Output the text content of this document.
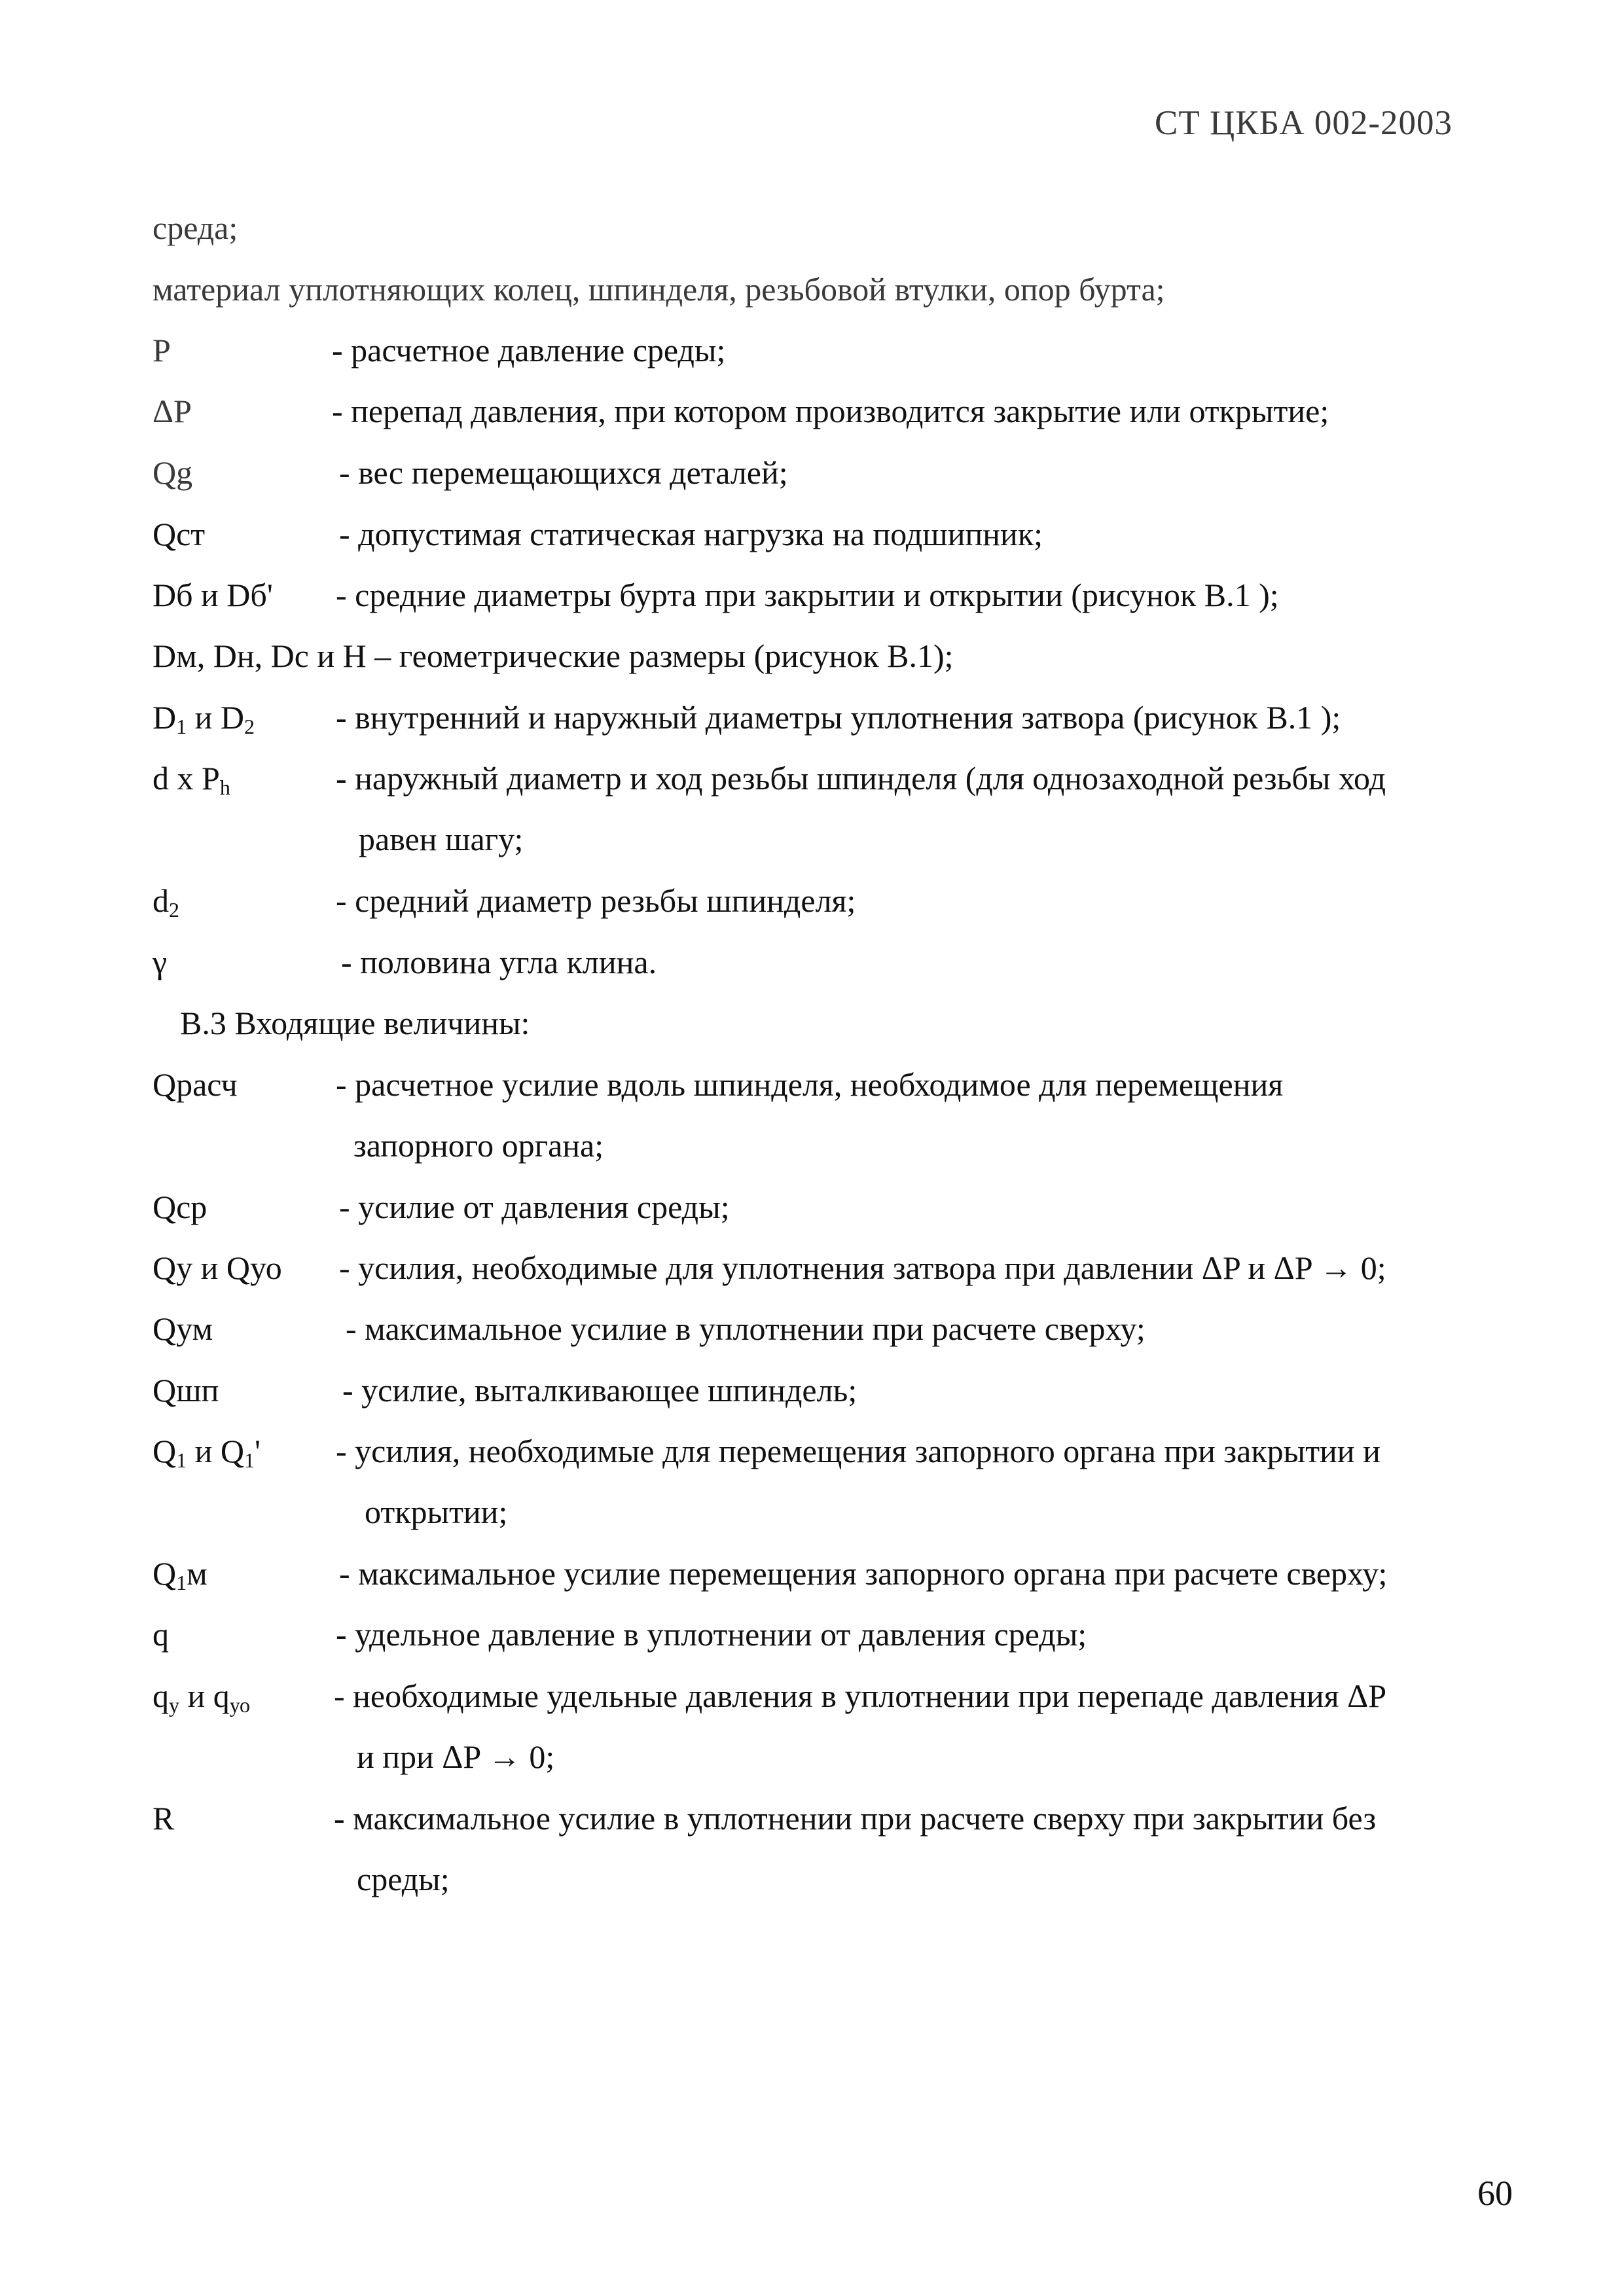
СТ ЦКБА 002-2003
среда;
материал уплотняющих колец, шпинделя, резьбовой втулки, опор бурта;
P	- расчетное давление среды;
ΔP	- перепад давления, при котором производится закрытие или открытие;
Qg	- вес перемещающихся деталей;
Qст	- допустимая статическая нагрузка на подшипник;
Dб и Dб' - средние диаметры бурта при закрытии и открытии (рисунок В.1 );
Dм, Dн, Dc и H – геометрические размеры (рисунок В.1);
$D_1$ и $D_2$ - внутренний и наружный диаметры уплотнения затвора (рисунок В.1 );
d x $P_h$	- наружный диаметр и ход резьбы шпинделя (для однозаходной резьбы ход
равен шагу;
$d_2$	- средний диаметр резьбы шпинделя;
γ	- половина угла клина.
В.3 Входящие величины:
Qрасч	- расчетное усилие вдоль шпинделя, необходимое для перемещения
запорного органа;
Qср	- усилие от давления среды;
Qу и Qуо - усилия, необходимые для уплотнения затвора при давлении ΔP и ΔP → 0;
Qум	- максимальное усилие в уплотнении при расчете сверху;
Qшп	- усилие, выталкивающее шпиндель;
$Q_1$ и $Q_1'$ - усилия, необходимые для перемещения запорного органа при закрытии и
открытии;
$Q_1м$	- максимальное усилие перемещения запорного органа при расчете сверху;
q	- удельное давление в уплотнении от давления среды;
$q_у$ и $q_{уо}$	- необходимые удельные давления в уплотнении при перепаде давления ΔP
и при ΔP → 0;
R	- максимальное усилие в уплотнении при расчете сверху при закрытии без
среды;
60
